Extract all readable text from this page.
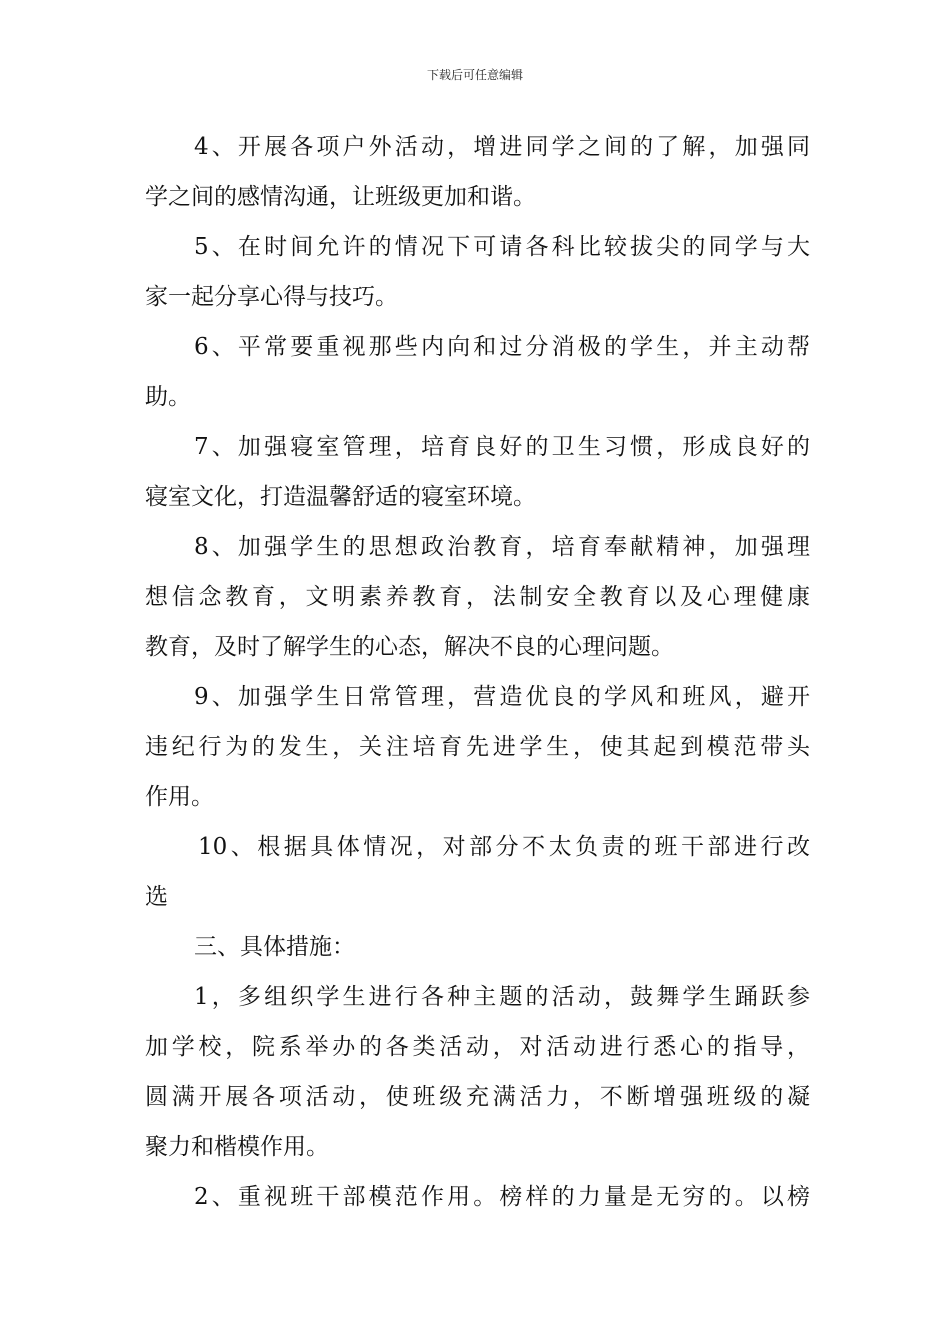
下载后可任意编辑
4、开展各项户外活动，增进同学之间的了解，加强同
学之间的感情沟通，让班级更加和谐。
5、在时间允许的情况下可请各科比较拔尖的同学与大
家一起分享心得与技巧。
6、平常要重视那些内向和过分消极的学生，并主动帮
助。
7、加强寝室管理，培育良好的卫生习惯，形成良好的
寝室文化，打造温馨舒适的寝室环境。
8、加强学生的思想政治教育，培育奉献精神，加强理
想信念教育，文明素养教育，法制安全教育以及心理健康
教育，及时了解学生的心态，解决不良的心理问题。
9、加强学生日常管理，营造优良的学风和班风，避开
违纪行为的发生，关注培育先进学生，使其起到模范带头
作用。
10、根据具体情况，对部分不太负责的班干部进行改
选
三、具体措施：
1，多组织学生进行各种主题的活动，鼓舞学生踊跃参
加学校，院系举办的各类活动，对活动进行悉心的指导，
圆满开展各项活动，使班级充满活力，不断增强班级的凝
聚力和楷模作用。
2、重视班干部模范作用。榜样的力量是无穷的。以榜
